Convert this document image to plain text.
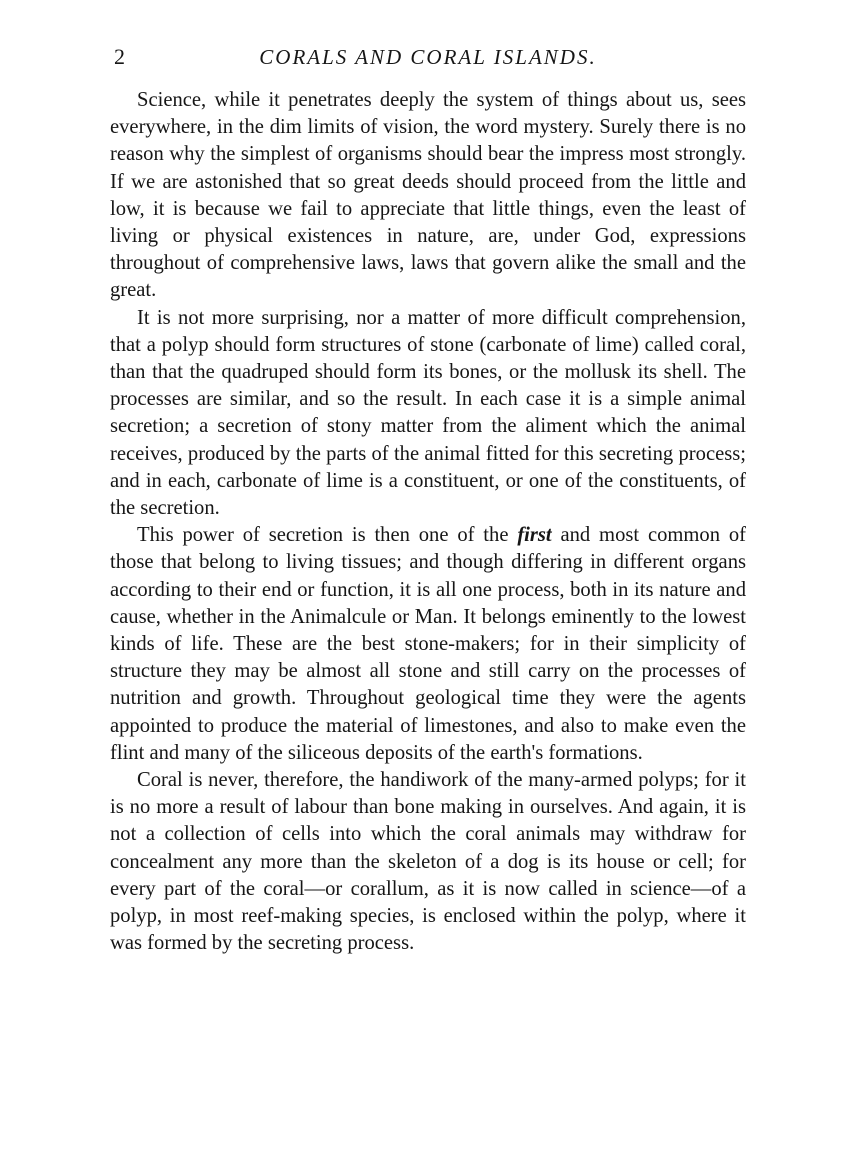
2	CORALS AND CORAL ISLANDS.

Science, while it penetrates deeply the system of things about us, sees everywhere, in the dim limits of vision, the word mystery. Surely there is no reason why the simplest of organisms should bear the impress most strongly. If we are astonished that so great deeds should proceed from the little and low, it is because we fail to appreciate that little things, even the least of living or physical existences in nature, are, under God, expressions throughout of comprehensive laws, laws that govern alike the small and the great.

It is not more surprising, nor a matter of more difficult comprehension, that a polyp should form structures of stone (carbonate of lime) called coral, than that the quadruped should form its bones, or the mollusk its shell. The processes are similar, and so the result. In each case it is a simple animal secretion; a secretion of stony matter from the aliment which the animal receives, produced by the parts of the animal fitted for this secreting process; and in each, carbonate of lime is a constituent, or one of the constituents, of the secretion.

This power of secretion is then one of the first and most common of those that belong to living tissues; and though differing in different organs according to their end or function, it is all one process, both in its nature and cause, whether in the Animalcule or Man. It belongs eminently to the lowest kinds of life. These are the best stone-makers; for in their simplicity of structure they may be almost all stone and still carry on the processes of nutrition and growth. Throughout geological time they were the agents appointed to produce the material of limestones, and also to make even the flint and many of the siliceous deposits of the earth's formations.

Coral is never, therefore, the handiwork of the many-armed polyps; for it is no more a result of labour than bone making in ourselves. And again, it is not a collection of cells into which the coral animals may withdraw for concealment any more than the skeleton of a dog is its house or cell; for every part of the coral—or corallum, as it is now called in science—of a polyp, in most reef-making species, is enclosed within the polyp, where it was formed by the secreting process.
